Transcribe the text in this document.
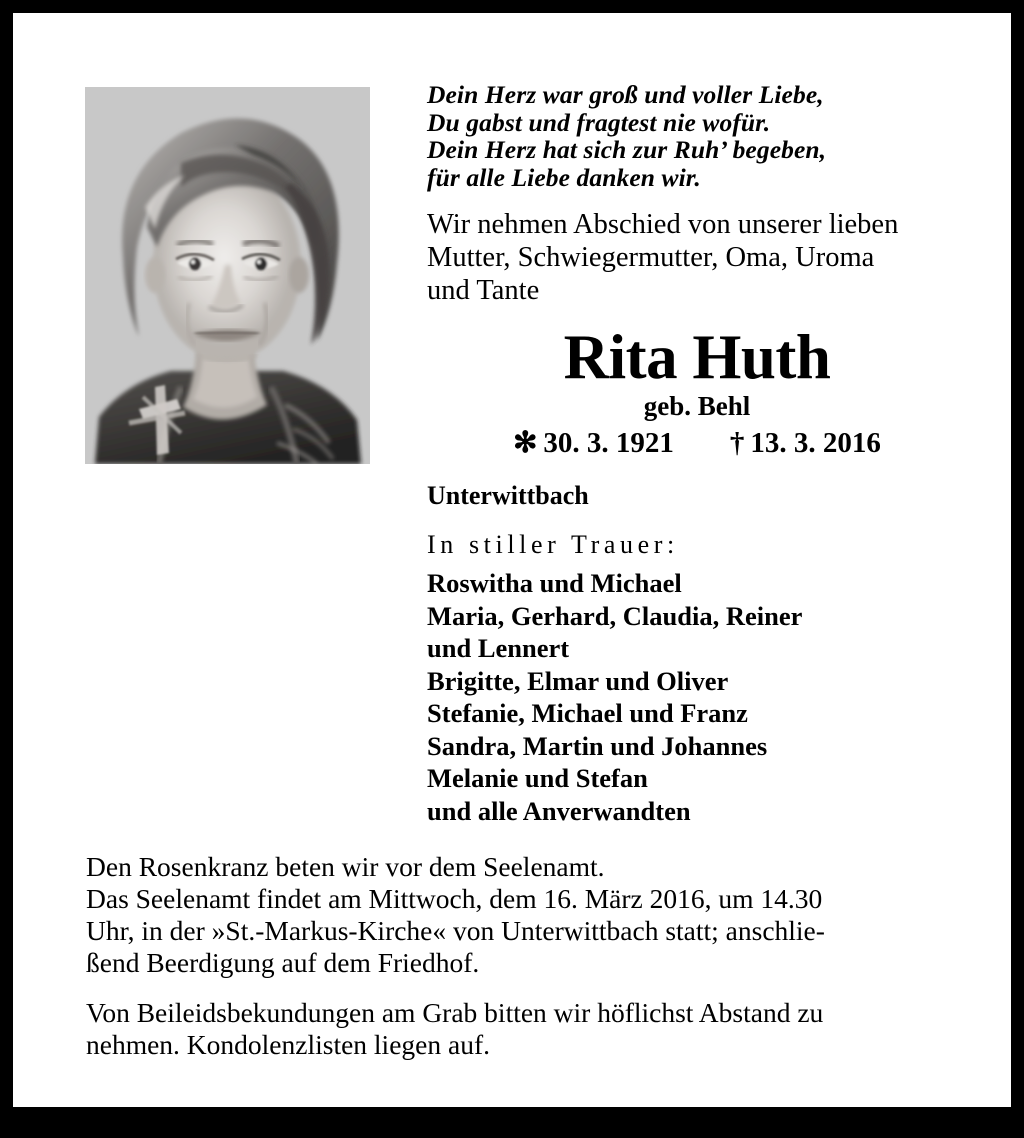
Dein Herz war groß und voller Liebe,
Du gabst und fragtest nie wofür.
Dein Herz hat sich zur Ruh’ begeben,
für alle Liebe danken wir.
Wir nehmen Abschied von unserer lieben
Mutter, Schwiegermutter, Oma, Uroma
und Tante
Rita Huth
geb. Behl
✻ 30. 3. 1921 † 13. 3. 2016
Unterwittbach
In stiller Trauer:
Roswitha und Michael
Maria, Gerhard, Claudia, Reiner
und Lennert
Brigitte, Elmar und Oliver
Stefanie, Michael und Franz
Sandra, Martin und Johannes
Melanie und Stefan
und alle Anverwandten
Den Rosenkranz beten wir vor dem Seelenamt.
Das Seelenamt findet am Mittwoch, dem 16. März 2016, um 14.30
Uhr, in der »St.-Markus-Kirche« von Unterwittbach statt; anschlie-
ßend Beerdigung auf dem Friedhof.
Von Beileidsbekundungen am Grab bitten wir höflichst Abstand zu
nehmen. Kondolenzlisten liegen auf.
